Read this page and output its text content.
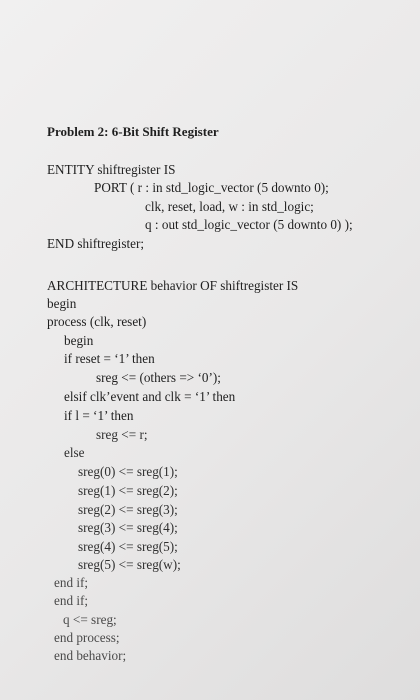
Problem 2: 6-Bit Shift Register
ENTITY shiftregister IS
PORT ( r : in std_logic_vector (5 downto 0);
clk, reset, load, w : in std_logic;
q : out std_logic_vector (5 downto 0) );
END shiftregister;
ARCHITECTURE behavior OF shiftregister IS
begin
process (clk, reset)
begin
if reset = ‘1’ then
sreg <= (others => ‘0’);
elsif clk’event and clk = ‘1’ then
if l = ‘1’ then
sreg <= r;
else
sreg(0) <= sreg(1);
sreg(1) <= sreg(2);
sreg(2) <= sreg(3);
sreg(3) <= sreg(4);
sreg(4) <= sreg(5);
sreg(5) <= sreg(w);
end if;
end if;
q <= sreg;
end process;
end behavior;
